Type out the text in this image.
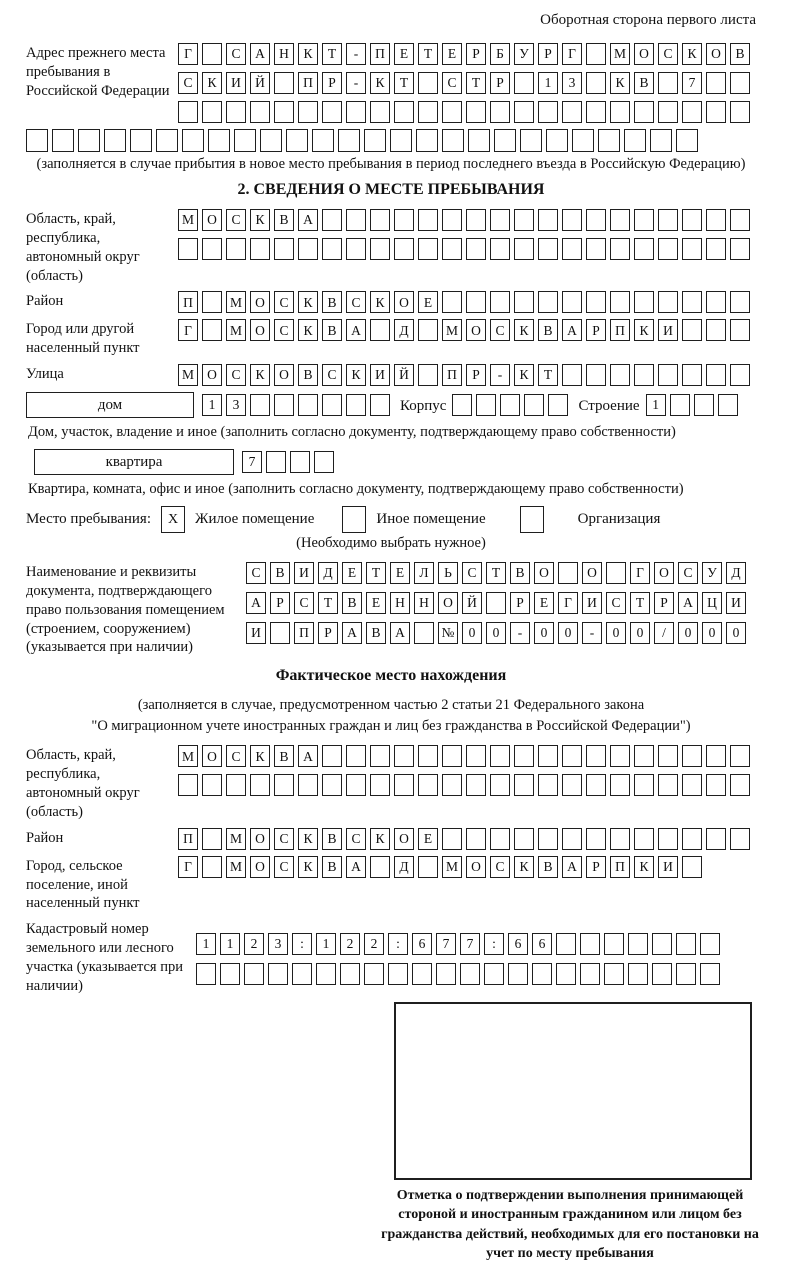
Оборотная сторона первого листа
Адрес прежнего места пребывания в Российской Федерации
Г	С	А	Н	К	Т	-	П	Е	Т	Е	Р	Б	У	Р	Г	М О	С	К	О	В
С	К	И	Й	П	Р	-	К	Т	С	Т	Р	1	3	К	В	7
(заполняется в случае прибытия в новое место пребывания в период последнего въезда в Российскую Федерацию)
2. СВЕДЕНИЯ О МЕСТЕ ПРЕБЫВАНИЯ
Область, край, республика, автономный округ (область)
М О	С	К	В	А
Район	П	М О	С	К	В	С	К	О	Е
Город или другой населенный пункт
Г	М О	С	К	В	А	Д	М О	С	К	В	А	Р	П	К	И
Улица	М О	С	К	О	В	С	К	И	Й	П	Р	-	К	Т
дом	1	3	Корпус	Строение 1
Дом, участок, владение и иное (заполнить согласно документу, подтверждающему право собственности)
квартира	7
Квартира, комната, офис и иное (заполнить согласно документу, подтверждающему право собственности)
Место пребывания:	X	Жилое помещение	Иное помещение	Организация
(Необходимо выбрать нужное)
Наименование и реквизиты документа, подтверждающего право пользования помещением (строением, сооружением) (указывается при наличии)
С	В	И	Д	Е	Т	Е	Л	Ь	С	Т	В	О	О	Г	О	С	У	Д
А	Р	С	Т	В	Е	Н	Н	О	Й	Р	Е	Г	И	С	Т	Р	А	Ц	И
И	П	Р	А	В	А	№	0	0	-	0	0	-	0	0	/	0	0	0
Фактическое место нахождения
(заполняется в случае, предусмотренном частью 2 статьи 21 Федерального закона
"О миграционном учете иностранных граждан и лиц без гражданства в Российской Федерации")
Область, край, республика, автономный округ (область)
М О	С	К	В	А
Район	П	М О	С	К	В	С	К	О	Е
Город, сельское поселение, иной населенный пункт
Г	М О	С	К	В	А	Д	М О	С	К	В	А	Р	П	К	И
Кадастровый номер земельного или лесного участка (указывается при наличии)
1	1	2	3	:	1	2	2	:	6	7	7	:	6	6
Отметка о подтверждении выполнения принимающей стороной и иностранным гражданином или лицом без гражданства действий, необходимых для его постановки на учет по месту пребывания
